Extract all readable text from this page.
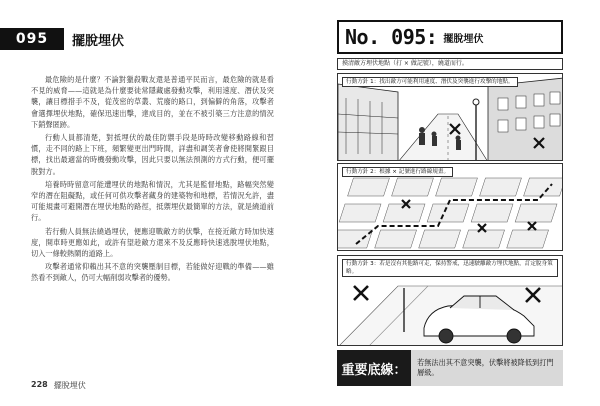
095	擺脫埋伏

最危險的是什麼？不論對獵殺戰友還是普通平民而言，最危險的就是看不見的威脅——這就是為什麼要徒常隱藏處發動攻擊，利用速度、潛伏及突襲，讓目標措手不及，從茂密的草叢、荒廢的路口，到偏僻的角落，攻擊者會選擇埋伏地點，確保迅速出擊，達成目的，並在不被引築三方注意的情況下銷聲匿跡。

行動人員都清楚，對抵埋伏的最佳防禦手段是時時改變移動路線和習慣，走不同的路上下班，頻繁變更出門時間，詳盡和調笑者會使將開緊跟目標，找出最適當的時機發動攻擊，因此只要以無法預測的方式行動，便可擺脫對方。

培養時時留意可能遭埋伏的地點和情況，尤其是監督地點，路幅突然變窄的潛在阻礙點，或任何可供攻擊者藏身的建築物和地標，若情況允許，盡可能規畫可避開潛在埋伏地點的路徑，抵禦埋伏最簡單的方法，就是繞道前行。

若行動人員無法繞過埋伏，便應迎戰敵方的伏擊，在接近敵方時加快速度，開車時更應如此，或許有望趁敵方還來不及反應時快速逃脫埋伏地點，切入一條較熱鬧的道路上。

攻擊者通常仰賴出其不意的突襲壓制目標，若能做好迎戰的準備——雖然看不到敵人，仍可大幅削弱攻擊者的優勢。

228 擺脫埋伏
No. 095: 擺脫埋伏
摸清敵方埋伏地點（打 × 做記號），繞道而行。
行動方針 1：找出敵方可能利用速度、潛伏及突襲進行攻擊的地點。
行動方針 2：根據 × 記號進行路線規畫。
行動方針 3：若是沒有其他路可走，保持警戒，迅速駛離敵方埋伏地點，訂定脫身策略。
重要底線：	若無法出其不意突襲，伏擊將被降低到打門層級。
